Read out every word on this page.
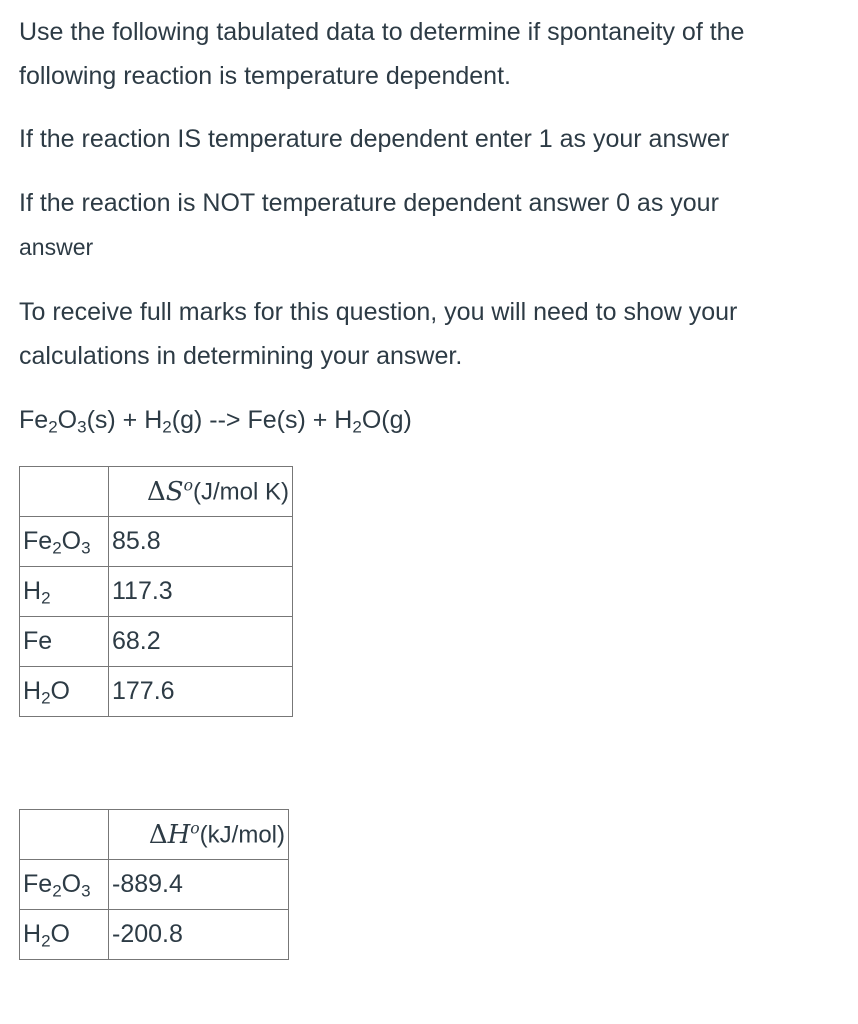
Use the following tabulated data to determine if spontaneity of the following reaction is temperature dependent.

If the reaction IS temperature dependent enter 1 as your answer

If the reaction is NOT temperature dependent answer 0 as your
answer

To receive full marks for this question, you will need to show your calculations in determining your answer.

$Fe_2O_3(s) + H_2(g)$ --> $Fe(s) + H_2O(g)$

	$\Delta S^o(J$/mol K)
$Fe_2O_3$	85.8
$H_2$	117.3
Fe	68.2
$H_2O$	177.6
	$\Delta H^o(kJ/mol)$
$Fe_2O_3$	-889.4
$H_2O$	-200.8
